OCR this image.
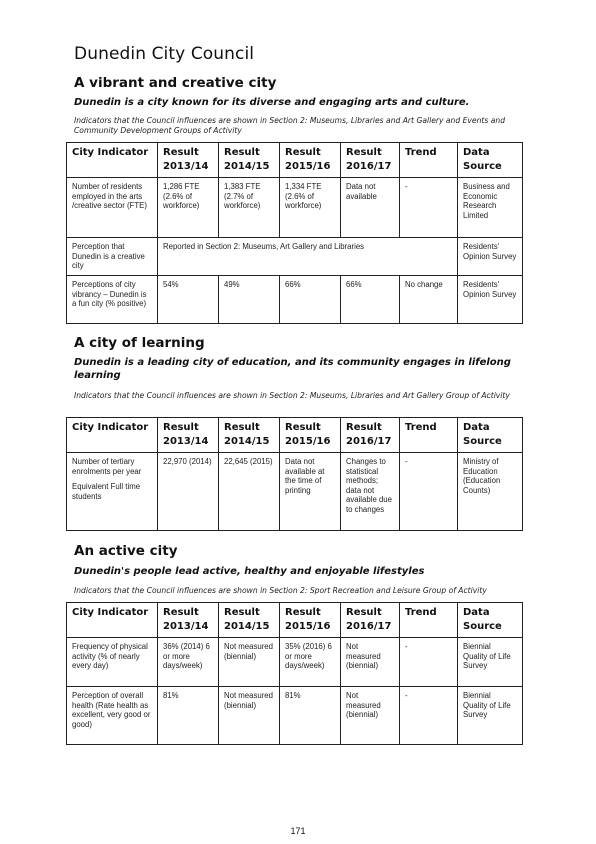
Dunedin City Council
A vibrant and creative city
Dunedin is a city known for its diverse and engaging arts and culture.
Indicators that the Council influences are shown in Section 2: Museums, Libraries and Art Gallery and Events and Community Development Groups of Activity
City Indicator	Result 2013/14	Result 2014/15	Result 2015/16	Result 2016/17	Trend	Data Source
Number of residents employed in the arts /creative sector (FTE)	1,286 FTE (2.6% of workforce)	1,383 FTE (2.7% of workforce)	1,334 FTE (2.6% of workforce)	Data not available	-	Business and Economic Research Limited
Perception that Dunedin is a creative city	Reported in Section 2: Museums, Art Gallery and Libraries					Residents' Opinion Survey
Perceptions of city vibrancy – Dunedin is a fun city (% positive)	54%	49%	66%	66%	No change	Residents' Opinion Survey
A city of learning
Dunedin is a leading city of education, and its community engages in lifelong learning
Indicators that the Council influences are shown in Section 2: Museums, Libraries and Art Gallery Group of Activity
City Indicator	Result 2013/14	Result 2014/15	Result 2015/16	Result 2016/17	Trend	Data Source

Number of tertiary enrolments per year
Equivalent Full time students	22,970 (2014)	22,645 (2015)	Data not available at the time of printing	Changes to statistical methods; data not available due to changes	-	Ministry of Education (Education Counts)
An active city
Dunedin's people lead active, healthy and enjoyable lifestyles
Indicators that the Council influences are shown in Section 2: Sport Recreation and Leisure Group of Activity
City Indicator	Result 2013/14	Result 2014/15	Result 2015/16	Result 2016/17	Trend	Data Source
Frequency of physical activity (% of nearly every day)	36% (2014) 6 or more days/week)	Not measured (biennial)	35% (2016) 6 or more days/week)	Not measured (biennial)	-	Biennial Quality of Life Survey
Perception of overall health (Rate health as excellent, very good or good)	81%	Not measured (biennial)	81%	Not measured (biennial)	-	Biennial Quality of Life Survey
171
